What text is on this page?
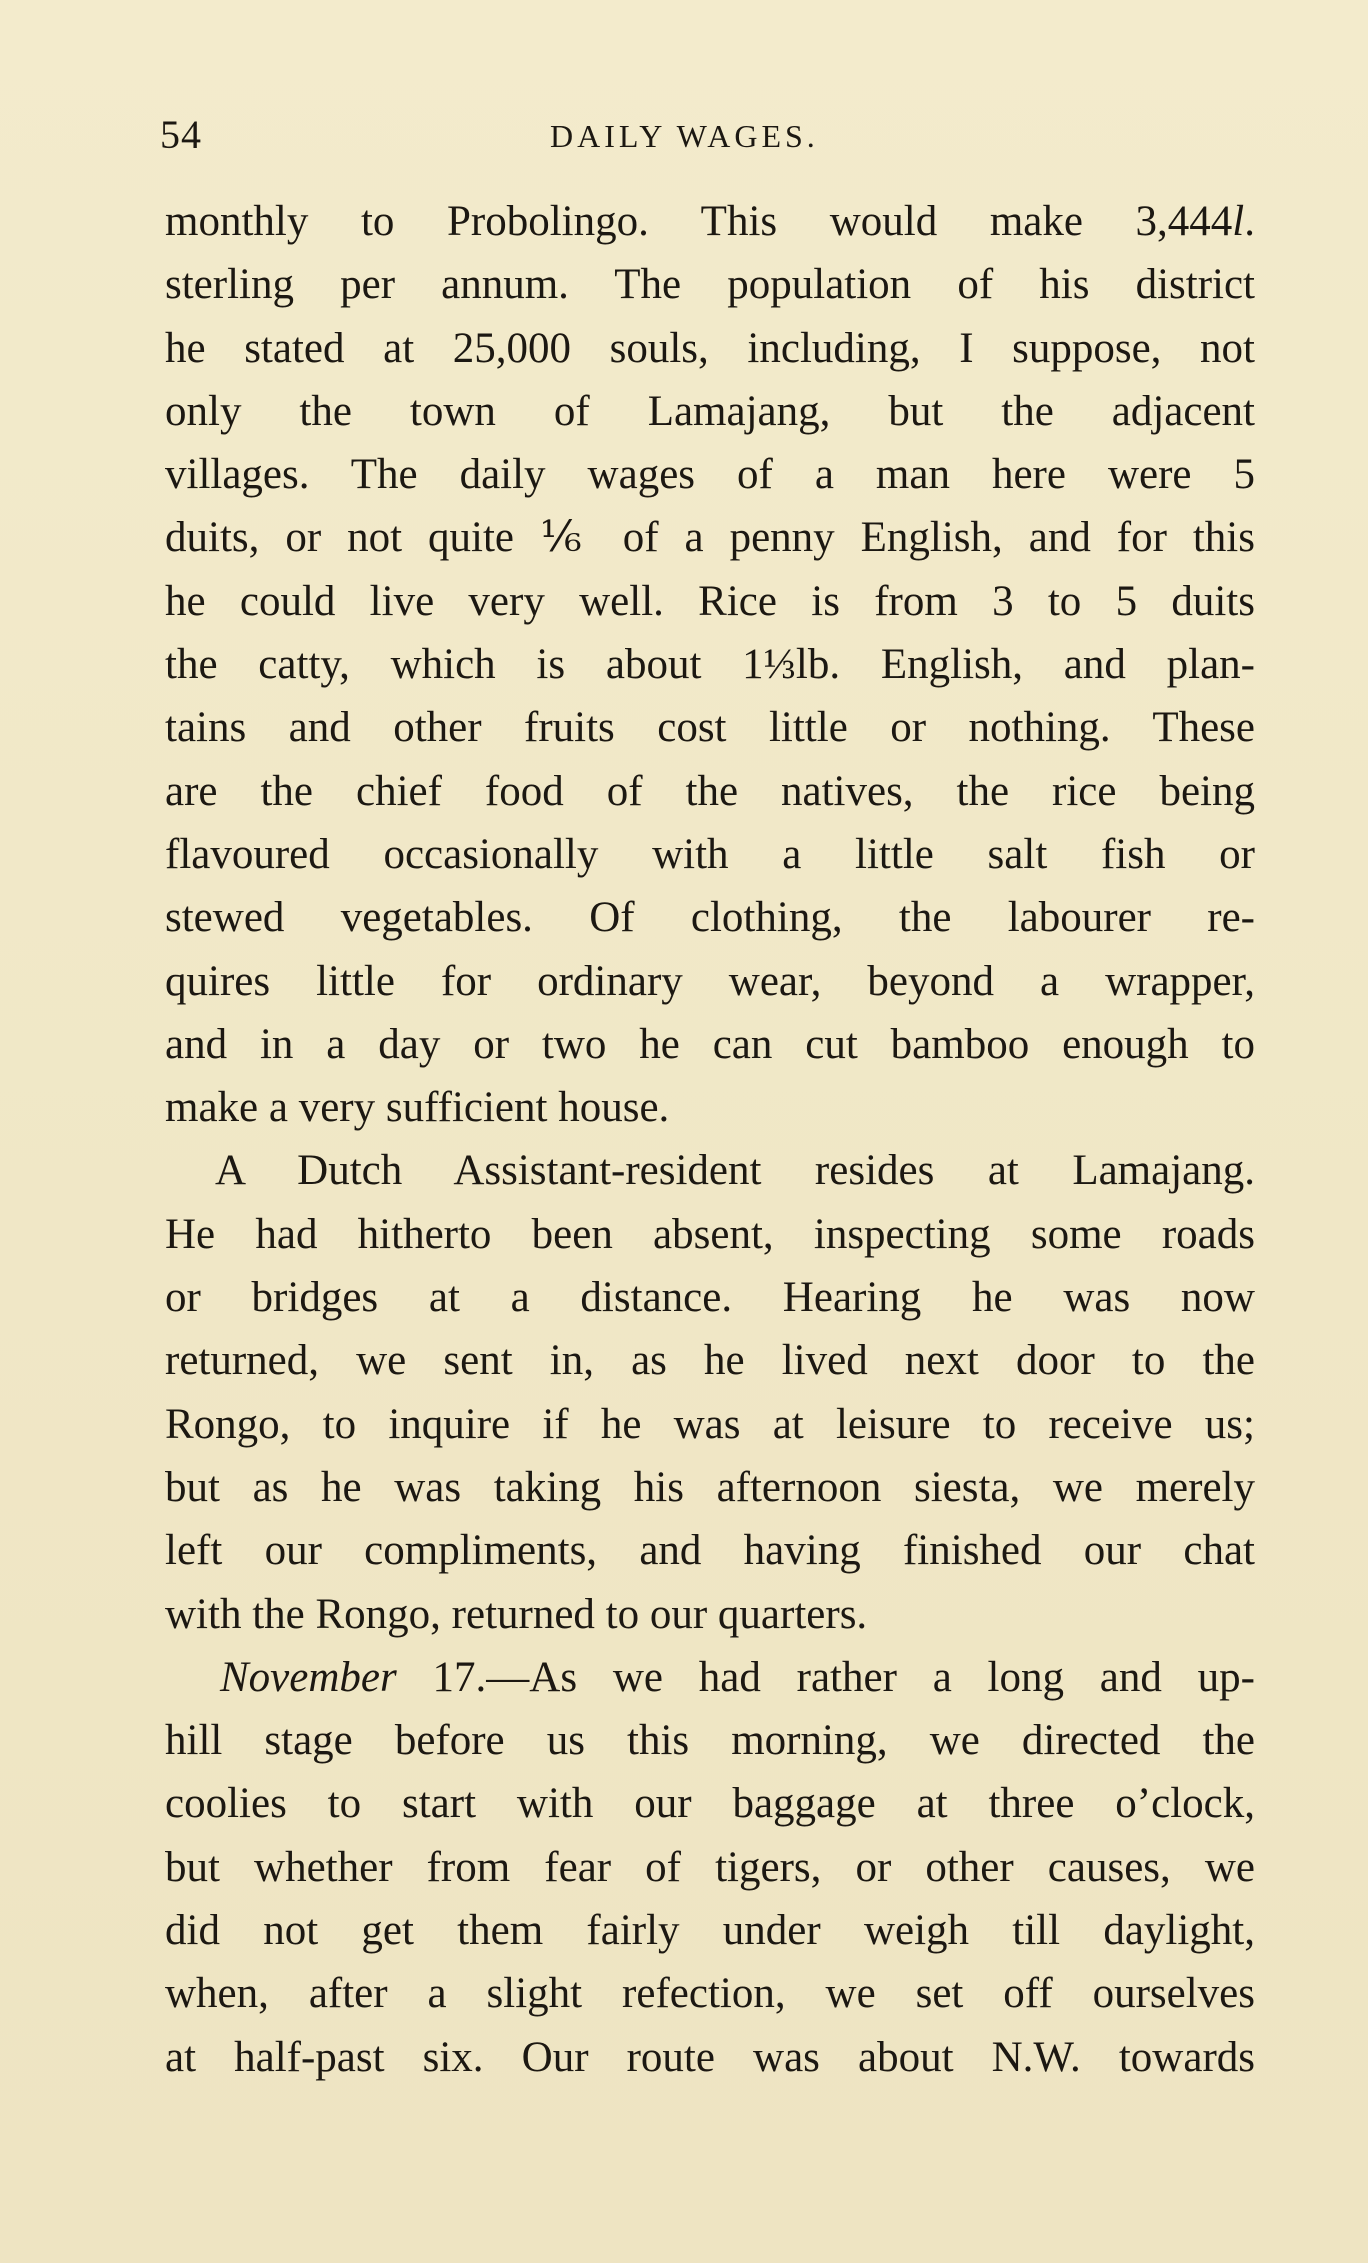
54	DAILY WAGES.
monthly to Probolingo. This would make 3,444l.
sterling per annum. The population of his district
he stated at 25,000 souls, including, I suppose, not
only the town of Lamajang, but the adjacent
villages. The daily wages of a man here were 5
duits, or not quite ⅙ of a penny English, and for this
he could live very well. Rice is from 3 to 5 duits
the catty, which is about 1⅓lb. English, and plan-
tains and other fruits cost little or nothing. These
are the chief food of the natives, the rice being
flavoured occasionally with a little salt fish or
stewed vegetables. Of clothing, the labourer re-
quires little for ordinary wear, beyond a wrapper,
and in a day or two he can cut bamboo enough to
make a very sufficient house.
A Dutch Assistant-resident resides at Lamajang.
He had hitherto been absent, inspecting some roads
or bridges at a distance. Hearing he was now
returned, we sent in, as he lived next door to the
Rongo, to inquire if he was at leisure to receive us;
but as he was taking his afternoon siesta, we merely
left our compliments, and having finished our chat
with the Rongo, returned to our quarters.
November 17.—As we had rather a long and up-
hill stage before us this morning, we directed the
coolies to start with our baggage at three o’clock,
but whether from fear of tigers, or other causes, we
did not get them fairly under weigh till daylight,
when, after a slight refection, we set off ourselves
at half-past six. Our route was about N.W. towards
